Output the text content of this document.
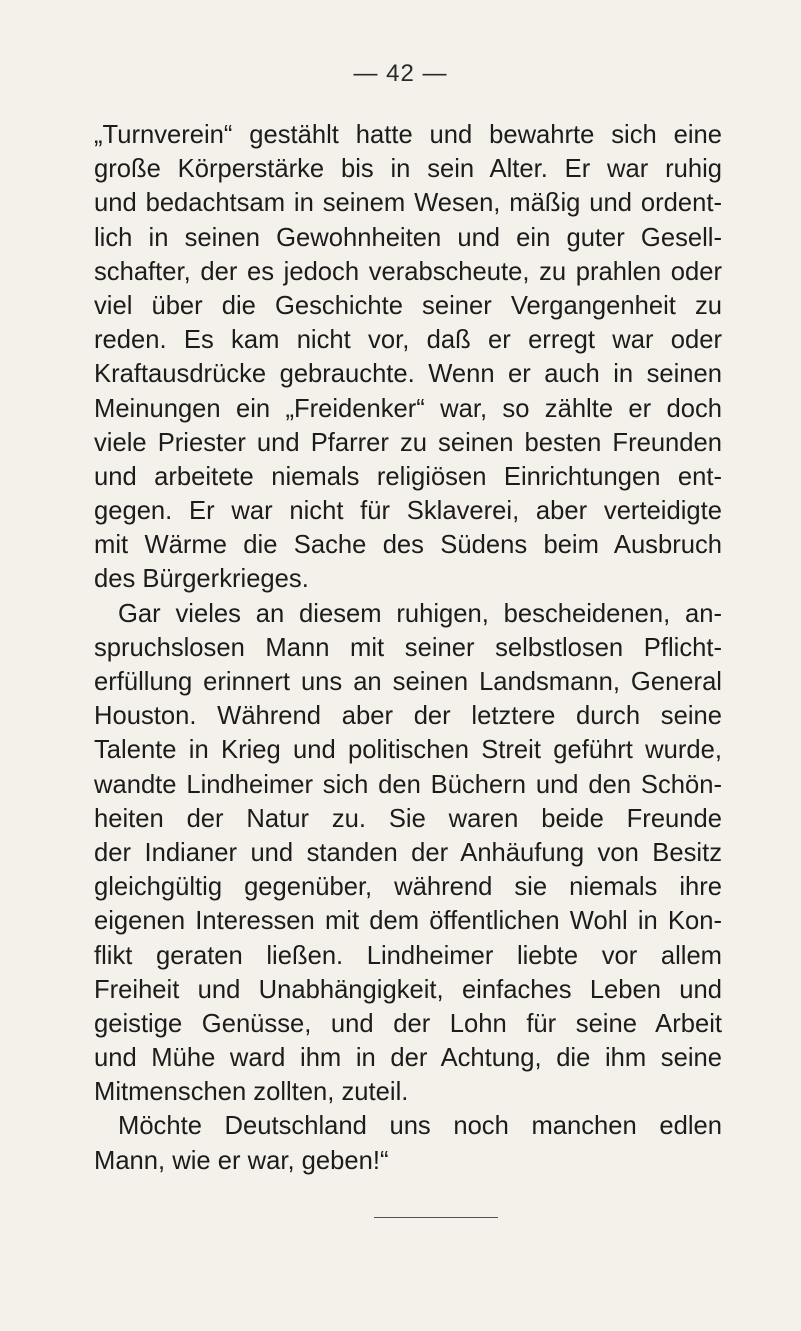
— 42 —
„Turnverein“ gestählt hatte und bewahrte sich eine
große Körperstärke bis in sein Alter. Er war ruhig
und bedachtsam in seinem Wesen, mäßig und ordent-
lich in seinen Gewohnheiten und ein guter Gesell-
schafter, der es jedoch verabscheute, zu prahlen oder
viel über die Geschichte seiner Vergangenheit zu
reden. Es kam nicht vor, daß er erregt war oder
Kraftausdrücke gebrauchte. Wenn er auch in seinen
Meinungen ein „Freidenker“ war, so zählte er doch
viele Priester und Pfarrer zu seinen besten Freunden
und arbeitete niemals religiösen Einrichtungen ent-
gegen. Er war nicht für Sklaverei, aber verteidigte
mit Wärme die Sache des Südens beim Ausbruch
des Bürgerkrieges.
Gar vieles an diesem ruhigen, bescheidenen, an-
spruchslosen Mann mit seiner selbstlosen Pflicht-
erfüllung erinnert uns an seinen Landsmann, General
Houston. Während aber der letztere durch seine
Talente in Krieg und politischen Streit geführt wurde,
wandte Lindheimer sich den Büchern und den Schön-
heiten der Natur zu. Sie waren beide Freunde
der Indianer und standen der Anhäufung von Besitz
gleichgültig gegenüber, während sie niemals ihre
eigenen Interessen mit dem öffentlichen Wohl in Kon-
flikt geraten ließen. Lindheimer liebte vor allem
Freiheit und Unabhängigkeit, einfaches Leben und
geistige Genüsse, und der Lohn für seine Arbeit
und Mühe ward ihm in der Achtung, die ihm seine
Mitmenschen zollten, zuteil.
Möchte Deutschland uns noch manchen edlen
Mann, wie er war, geben!“
